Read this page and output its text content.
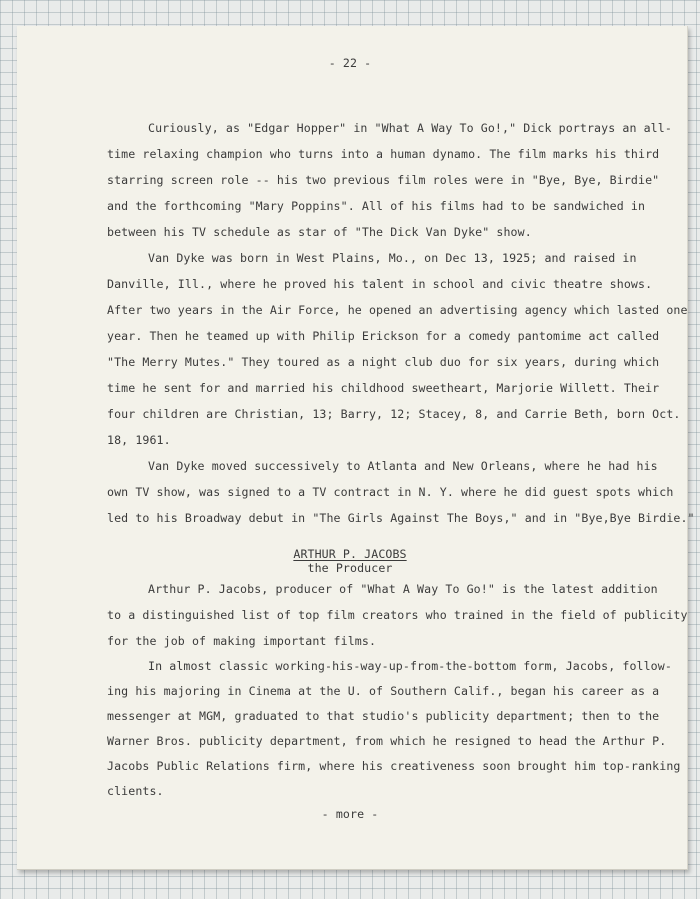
- 22 -
Curiously, as "Edgar Hopper" in "What A Way To Go!," Dick portrays an all-
time relaxing champion who turns into a human dynamo. The film marks his third
starring screen role -- his two previous film roles were in "Bye, Bye, Birdie"
and the forthcoming "Mary Poppins". All of his films had to be sandwiched in
between his TV schedule as star of "The Dick Van Dyke" show.
Van Dyke was born in West Plains, Mo., on Dec 13, 1925; and raised in
Danville, Ill., where he proved his talent in school and civic theatre shows.
After two years in the Air Force, he opened an advertising agency which lasted one
year. Then he teamed up with Philip Erickson for a comedy pantomime act called
"The Merry Mutes." They toured as a night club duo for six years, during which
time he sent for and married his childhood sweetheart, Marjorie Willett. Their
four children are Christian, 13; Barry, 12; Stacey, 8, and Carrie Beth, born Oct.
18, 1961.
Van Dyke moved successively to Atlanta and New Orleans, where he had his
own TV show, was signed to a TV contract in N. Y. where he did guest spots which
led to his Broadway debut in "The Girls Against The Boys," and in "Bye,Bye Birdie."
ARTHUR P. JACOBS
the Producer
Arthur P. Jacobs, producer of "What A Way To Go!" is the latest addition
to a distinguished list of top film creators who trained in the field of publicity
for the job of making important films.
In almost classic working-his-way-up-from-the-bottom form, Jacobs, follow-
ing his majoring in Cinema at the U. of Southern Calif., began his career as a
messenger at MGM, graduated to that studio's publicity department; then to the
Warner Bros. publicity department, from which he resigned to head the Arthur P.
Jacobs Public Relations firm, where his creativeness soon brought him top-ranking
clients.
- more -
